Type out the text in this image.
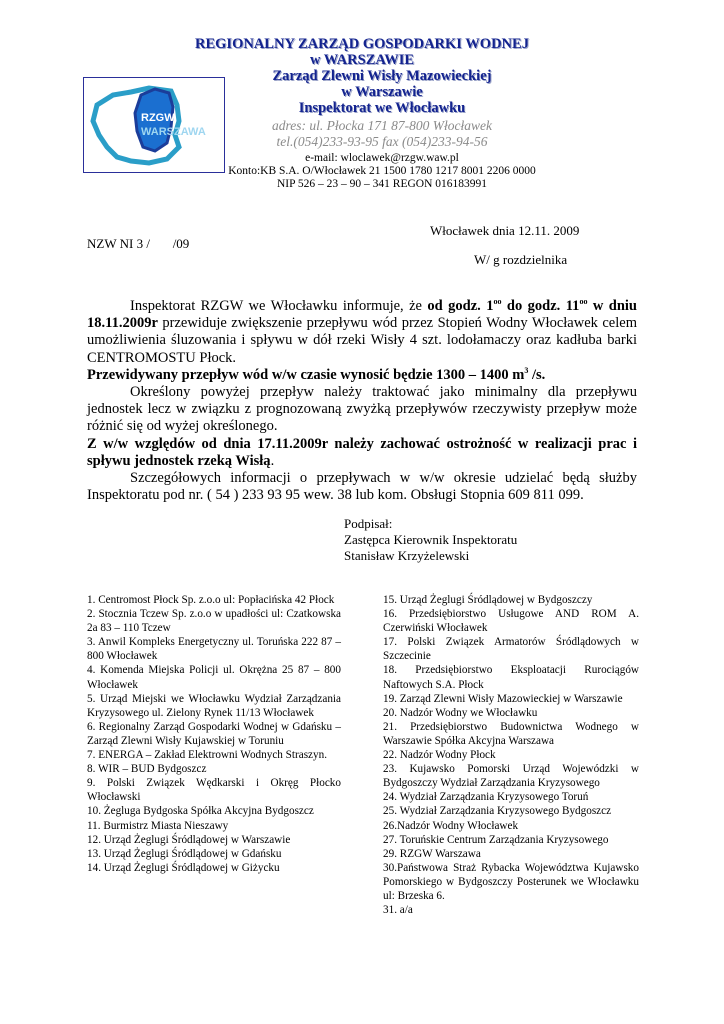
RZGW
WARSZAWA
REGIONALNY ZARZĄD GOSPODARKI WODNEJ
w WARSZAWIE
Zarząd Zlewni Wisły Mazowieckiej
w Warszawie
Inspektorat we Włocławku
adres: ul. Płocka 171 87-800 Włocławek
tel.(054)233-93-95 fax (054)233-94-56
e-mail: wloclawek@rzgw.waw.pl
Konto:KB S.A. O/Włocławek 21 1500 1780 1217 8001 2206 0000
NIP 526 – 23 – 90 – 341 REGON 016183991
Włocławek dnia 12.11. 2009
NZW NI 3 /       /09
W/ g rozdzielnika

Inspektorat RZGW we Włocławku informuje, że od godz. $1^{oo}$ do godz. $11^{oo}$ w dniu 18.11.2009r przewiduje zwiększenie przepływu wód przez Stopień Wodny Włocławek celem umożliwienia śluzowania i spływu w dół rzeki Wisły 4 szt. lodołamaczy oraz kadłuba barki CENTROMOSTU Płock.

Przewidywany przepływ wód w/w czasie wynosić będzie 1300 – 1400 $m^3$ /s.

Określony powyżej przepływ należy traktować jako minimalny dla przepływu jednostek lecz w związku z prognozowaną zwyżką przepływów rzeczywisty przepływ może różnić się od wyżej określonego.

Z w/w względów od dnia 17.11.2009r należy zachować ostrożność w realizacji prac i spływu jednostek rzeką Wisłą.

Szczegółowych informacji o przepływach w w/w okresie udzielać będą służby Inspektoratu pod nr. ( 54 ) 233 93 95 wew. 38 lub kom. Obsługi Stopnia 609 811 099.

Podpisał:
Zastępca Kierownik Inspektoratu
Stanisław Krzyżelewski
1. Centromost Płock Sp. z.o.o ul: Popłacińska 42 Płock
2. Stocznia Tczew Sp. z.o.o w upadłości ul: Czatkowska 2a 83 – 110 Tczew
3. Anwil Kompleks Energetyczny ul. Toruńska 222 87 – 800 Włocławek
4. Komenda Miejska Policji ul. Okrężna 25 87 – 800 Włocławek
5. Urząd Miejski we Włocławku Wydział Zarządzania Kryzysowego ul. Zielony Rynek 11/13 Włocławek
6. Regionalny Zarząd Gospodarki Wodnej w Gdańsku – Zarząd Zlewni Wisły Kujawskiej w Toruniu
7. ENERGA – Zakład Elektrowni Wodnych Straszyn.
8. WIR – BUD Bydgoszcz
9. Polski Związek Wędkarski i Okręg Płocko Włocławski
10. Żegluga Bydgoska Spółka Akcyjna Bydgoszcz
11. Burmistrz Miasta Nieszawy
12. Urząd Żeglugi Śródlądowej w Warszawie
13. Urząd Żeglugi Śródlądowej w Gdańsku
14. Urząd Żeglugi Śródlądowej w Giżycku
15. Urząd Żeglugi Śródlądowej w Bydgoszczy
16. Przedsiębiorstwo Usługowe AND ROM A. Czerwiński Włocławek
17. Polski Związek Armatorów Śródlądowych w Szczecinie
18. Przedsiębiorstwo Eksploatacji Rurociągów Naftowych S.A. Płock
19. Zarząd Zlewni Wisły Mazowieckiej w Warszawie
20. Nadzór Wodny we Włocławku
21. Przedsiębiorstwo Budownictwa Wodnego w Warszawie Spółka Akcyjna Warszawa
22. Nadzór Wodny Płock
23. Kujawsko Pomorski Urząd Wojewódzki w Bydgoszczy Wydział Zarządzania Kryzysowego
24. Wydział Zarządzania Kryzysowego Toruń
25. Wydział Zarządzania Kryzysowego Bydgoszcz
26.Nadzór Wodny Włocławek
27. Toruńskie Centrum Zarządzania Kryzysowego
29. RZGW Warszawa
30.Państwowa Straż Rybacka Województwa Kujawsko Pomorskiego w Bydgoszczy Posterunek we Włocławku ul: Brzeska 6.
31. a/a
